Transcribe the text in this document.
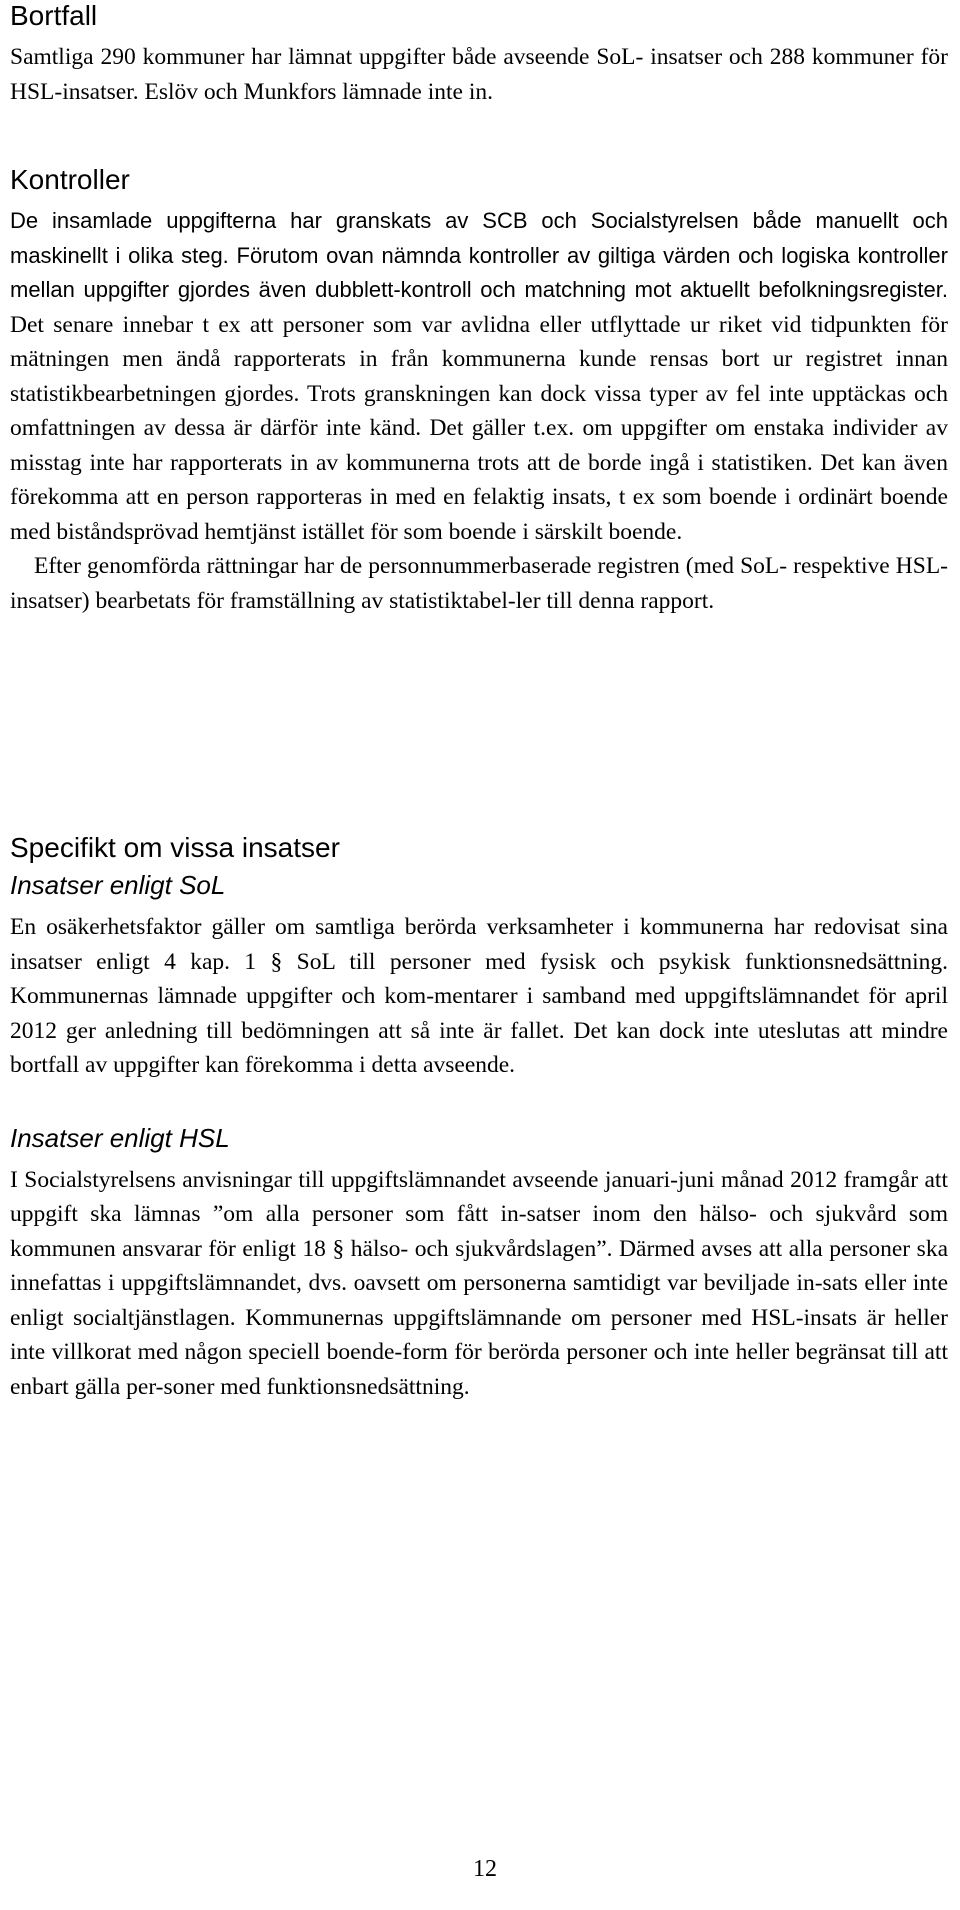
Bortfall

Samtliga 290 kommuner har lämnat uppgifter både avseende SoL- insatser och 288 kommuner för HSL-insatser. Eslöv och Munkfors lämnade inte in.

Kontroller

De insamlade uppgifterna har granskats av SCB och Socialstyrelsen både manuellt och maskinellt i olika steg. Förutom ovan nämnda kontroller av giltiga värden och logiska kontroller mellan uppgifter gjordes även dubblett-kontroll och matchning mot aktuellt befolkningsregister. Det senare innebar t ex att personer som var avlidna eller utflyttade ur riket vid tidpunkten för mätningen men ändå rapporterats in från kommunerna kunde rensas bort ur registret innan statistikbearbetningen gjordes. Trots granskningen kan dock vissa typer av fel inte upptäckas och omfattningen av dessa är därför inte känd. Det gäller t.ex. om uppgifter om enstaka individer av misstag inte har rapporterats in av kommunerna trots att de borde ingå i statistiken. Det kan även förekomma att en person rapporteras in med en felaktig insats, t ex som boende i ordinärt boende med biståndsprövad hemtjänst istället för som boende i särskilt boende.

Efter genomförda rättningar har de personnummerbaserade registren (med SoL- respektive HSL-insatser) bearbetats för framställning av statistiktabel-ler till denna rapport.

Specifikt om vissa insatser
Insatser enligt SoL

En osäkerhetsfaktor gäller om samtliga berörda verksamheter i kommunerna har redovisat sina insatser enligt 4 kap. 1 § SoL till personer med fysisk och psykisk funktionsnedsättning. Kommunernas lämnade uppgifter och kom-mentarer i samband med uppgiftslämnandet för april 2012 ger anledning till bedömningen att så inte är fallet. Det kan dock inte uteslutas att mindre bortfall av uppgifter kan förekomma i detta avseende.

Insatser enligt HSL

I Socialstyrelsens anvisningar till uppgiftslämnandet avseende januari-juni månad 2012 framgår att uppgift ska lämnas ”om alla personer som fått in-satser inom den hälso- och sjukvård som kommunen ansvarar för enligt 18 § hälso- och sjukvårdslagen”. Därmed avses att alla personer ska innefattas i uppgiftslämnandet, dvs. oavsett om personerna samtidigt var beviljade in-sats eller inte enligt socialtjänstlagen. Kommunernas uppgiftslämnande om personer med HSL-insats är heller inte villkorat med någon speciell boende-form för berörda personer och inte heller begränsat till att enbart gälla per-soner med funktionsnedsättning.

12
